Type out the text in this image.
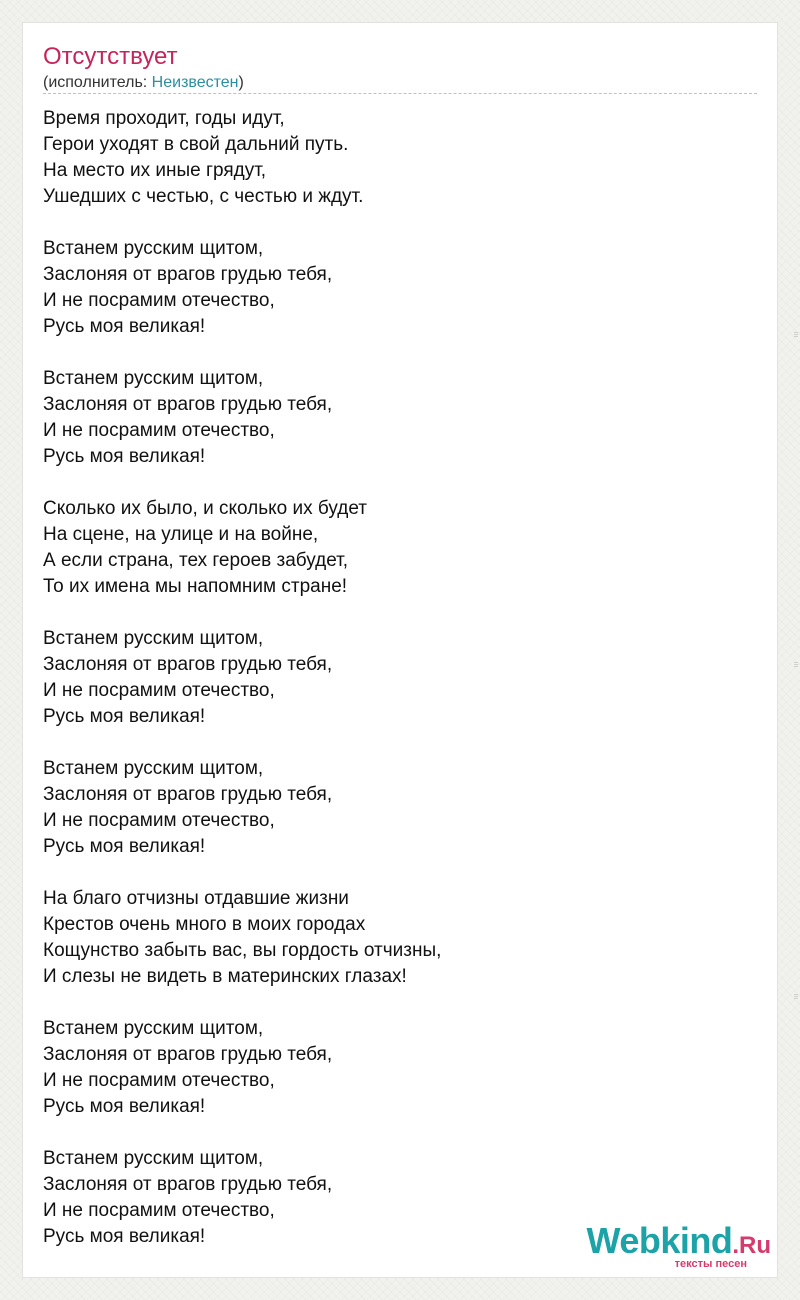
Отсутствует
(исполнитель: Неизвестен)
Время проходит, годы идут,
Герои уходят в свой дальний путь.
На место их иные грядут,
Ушедших с честью, с честью и ждут.
Встанем русским щитом,
Заслоняя от врагов грудью тебя,
И не посрамим отечество,
Русь моя великая!
Встанем русским щитом,
Заслоняя от врагов грудью тебя,
И не посрамим отечество,
Русь моя великая!
Сколько их было, и сколько их будет
На сцене, на улице и на войне,
А если страна, тех героев забудет,
То их имена мы напомним стране!
Встанем русским щитом,
Заслоняя от врагов грудью тебя,
И не посрамим отечество,
Русь моя великая!
Встанем русским щитом,
Заслоняя от врагов грудью тебя,
И не посрамим отечество,
Русь моя великая!
На благо отчизны отдавшие жизни
Крестов очень много в моих городах
Кощунство забыть вас, вы гордость отчизны,
И слезы не видеть в материнских глазах!
Встанем русским щитом,
Заслоняя от врагов грудью тебя,
И не посрамим отечество,
Русь моя великая!
Встанем русским щитом,
Заслоняя от врагов грудью тебя,
И не посрамим отечество,
Русь моя великая!	Webkind.Ru
тексты песен
